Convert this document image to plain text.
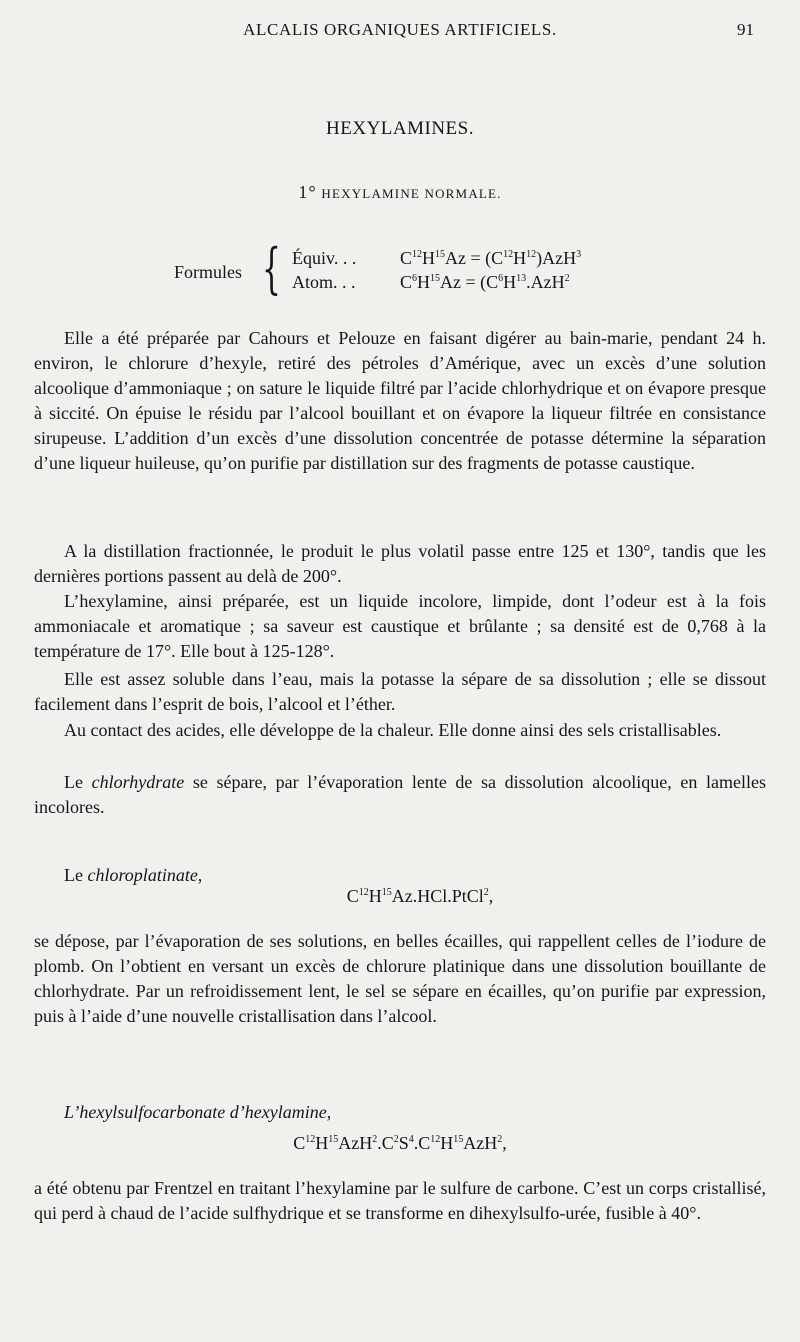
ALCALIS ORGANIQUES ARTIFICIELS.	91
HEXYLAMINES.
1° HEXYLAMINE NORMALE.
Formules { Équiv. . . $C^{12}H^{15}Az = (C^{12}H^{12})AzH^3$
Atom. . . $C^6H^{15}Az = (C^6H^{13}.AzH^2$

Elle a été préparée par Cahours et Pelouze en faisant digérer au bain-marie, pendant 24 h. environ, le chlorure d’hexyle, retiré des pétroles d’Amérique, avec un excès d’une solution alcoolique d’ammoniaque ; on sature le liquide filtré par l’acide chlorhydrique et on évapore presque à siccité. On épuise le résidu par l’alcool bouillant et on évapore la liqueur filtrée en consistance sirupeuse. L’addition d’un excès d’une dissolution concentrée de potasse détermine la séparation d’une liqueur huileuse, qu’on purifie par distillation sur des fragments de potasse caustique.

A la distillation fractionnée, le produit le plus volatil passe entre 125 et 130°, tandis que les dernières portions passent au delà de 200°.

L’hexylamine, ainsi préparée, est un liquide incolore, limpide, dont l’odeur est à la fois ammoniacale et aromatique ; sa saveur est caustique et brûlante ; sa densité est de 0,768 à la température de 17°. Elle bout à 125-128°.

Elle est assez soluble dans l’eau, mais la potasse la sépare de sa dissolution ; elle se dissout facilement dans l’esprit de bois, l’alcool et l’éther.

Au contact des acides, elle développe de la chaleur. Elle donne ainsi des sels cristallisables.

Le chlorhydrate se sépare, par l’évaporation lente de sa dissolution alcoolique, en lamelles incolores.

Le chloroplatinate,

$C^{12}H^{15}Az.HCl.PtCl^2$,

se dépose, par l’évaporation de ses solutions, en belles écailles, qui rappellent celles de l’iodure de plomb. On l’obtient en versant un excès de chlorure platinique dans une dissolution bouillante de chlorhydrate. Par un refroidissement lent, le sel se sépare en écailles, qu’on purifie par expression, puis à l’aide d’une nouvelle cristallisation dans l’alcool.

L’hexylsulfocarbonate d’hexylamine,

$C^{12}H^{15}AzH^2.C^2S^4.C^{12}H^{15}AzH^2$,

a été obtenu par Frentzel en traitant l’hexylamine par le sulfure de carbone. C’est un corps cristallisé, qui perd à chaud de l’acide sulfhydrique et se transforme en dihexylsulfo-urée, fusible à 40°.
